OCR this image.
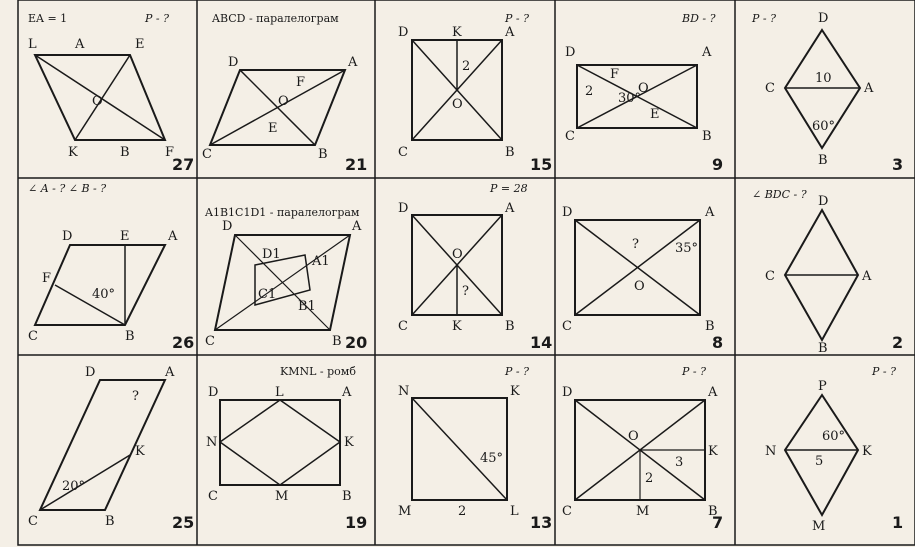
3
P - ?	D
C	A
B
10
60°
9
BD - ?
A
D
B
C
E
F
O
30°
2
15
P - ?
A
K
D
B
C
O
2
21
ABCD - паралелограм
A
D
B
C
O
F
E
27
P - ?
EA = 1
E
A
L
F
B
K
O
2
∠ BDC - ? D
C	A
B
8
A
D
B
C
O
35°
?
14
P = 28
A
D
B
K
C
O
?
20
A1B1C1D1 - паралелограм
A
D
B
C
A1
D1
B1
C1
26
∠ A - ? ∠ B - ?
A
E
D
B
C
F
40°
1
P - ?
P
N	K
M
60°
5
7
P - ?
A
D
B
M
C
K
O
3
2
13
P - ?
K
N
L
M
45°
2
19
KMNL - ромб
A
L
D
B
M
C
K
N
25
A
D
B
C
K
20°
?
